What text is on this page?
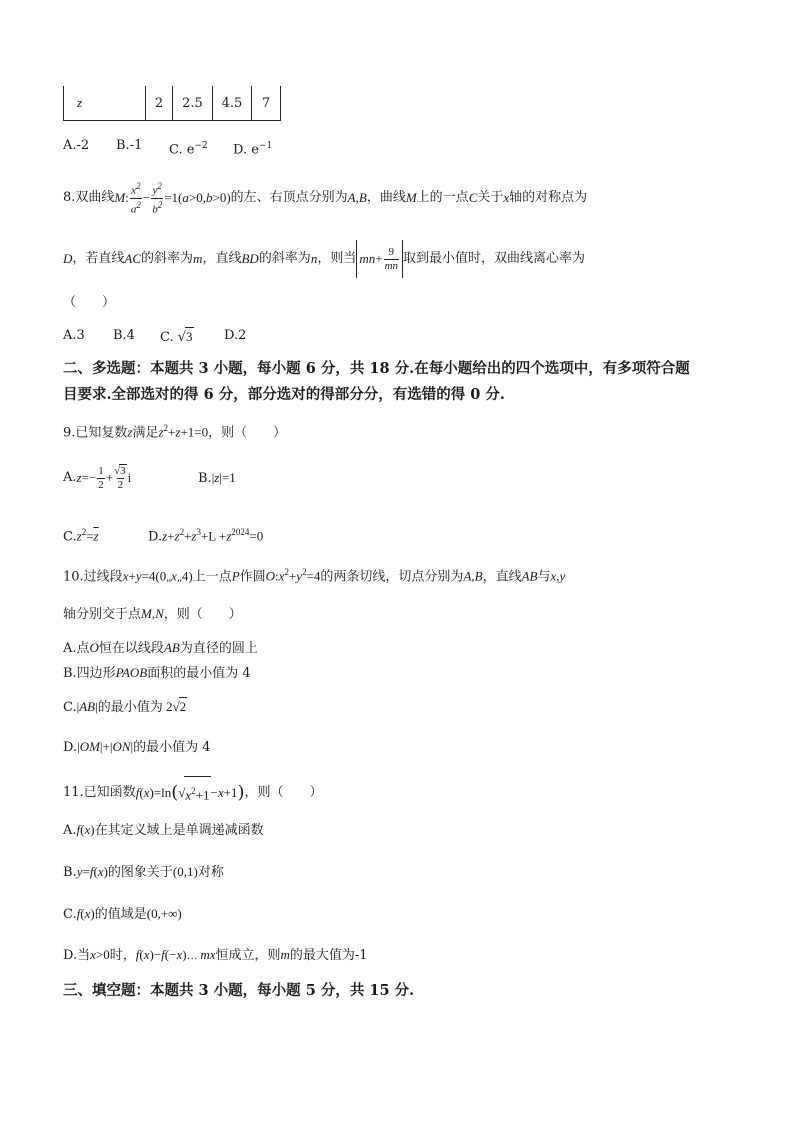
z	2	2.5	4.5	7
A.-2 B.-1 C. $e^{-2}$ D. $e^{-1}$
8.双曲线 M : $\frac{x^2}{a^2} - \frac{y^2}{b^2} =1$( a >0, b >0) 的左、右顶点分别为 A,B ，曲线 M 上的一点 C 关于 x 轴的对称点为
D ，若直线 AC 的斜率为 m ，直线 BD 的斜率为 n ，则当 mn + $\frac{9}{mn}$ 取到最小值时，双曲线离心率为
（　　）
A.3 B.4 C. √3 D.2
二、多选题：本题共 3 小题，每小题 6 分，共 18 分.在每小题给出的四个选项中，有多项符合题
目要求.全部选对的得 6 分，部分选对的得部分分，有选错的得 0 分.
9.已知复数z满足$z^2+z+1=0$，则（　　）
A. $z =- \frac{1}{2} + \frac{√3}{2}$ i	B.|z|=1
$C.z^2=\overline{z}$	$D.z+z^2+z^3+L +z^{2024}=0$
10.过线段x+y=4(0„x„4)上一点P作圆$O:x^2+y^2=4$的两条切线，切点分别为A,B，直线AB与x,y
轴分别交于点M,N，则（　　）
A.点O恒在以线段AB为直径的圆上
B.四边形PAOB面积的最小值为 4
C.|AB|的最小值为 2√2
D.|OM|+|ON|的最小值为 4
11.已知函数 f ( x )=ln ( √ $x^2+1 - x +1$ ) ，则（　　）
A.f(x)在其定义域上是单调递减函数
B.y=f(x)的图象关于(0,1)对称
C.f(x)的值域是(0,+∞)
D.当x>0时，f(x)−f(−x)… mx恒成立，则m的最大值为-1
三、填空题：本题共 3 小题，每小题 5 分，共 15 分.
